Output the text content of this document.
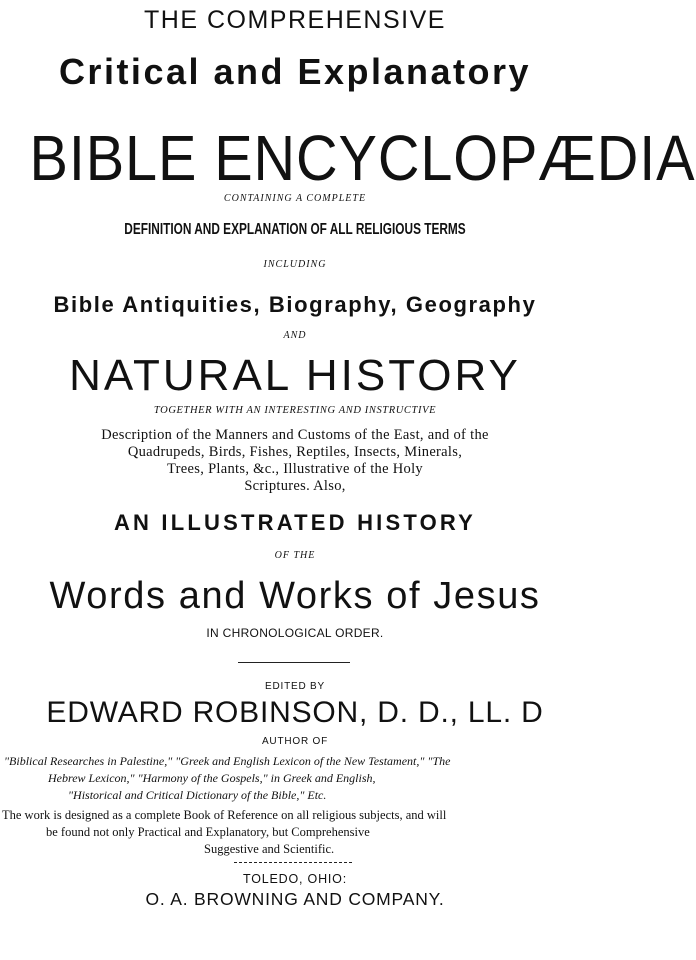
THE COMPREHENSIVE

Critical and Explanatory

BIBLE ENCYCLOPÆDIA

CONTAINING A COMPLETE

DEFINITION AND EXPLANATION OF ALL RELIGIOUS TERMS

INCLUDING

Bible Antiquities, Biography, Geography

AND

NATURAL HISTORY

TOGETHER WITH AN INTERESTING AND INSTRUCTIVE

Description of the Manners and Customs of the East, and of the
Quadrupeds, Birds, Fishes, Reptiles, Insects, Minerals,
Trees, Plants, &c., Illustrative of the Holy
Scriptures. Also,

AN ILLUSTRATED HISTORY

OF THE

Words and Works of Jesus

IN CHRONOLOGICAL ORDER.

EDITED BY

EDWARD ROBINSON, D. D., LL. D

AUTHOR OF

"Biblical Researches in Palestine," "Greek and English Lexicon of the New Testament," "The
Hebrew Lexicon," "Harmony of the Gospels," in Greek and English,
"Historical and Critical Dictionary of the Bible," Etc.
The work is designed as a complete Book of Reference on all religious subjects, and will
be found not only Practical and Explanatory, but Comprehensive
Suggestive and Scientific.

TOLEDO, OHIO:

O. A. BROWNING AND COMPANY.
